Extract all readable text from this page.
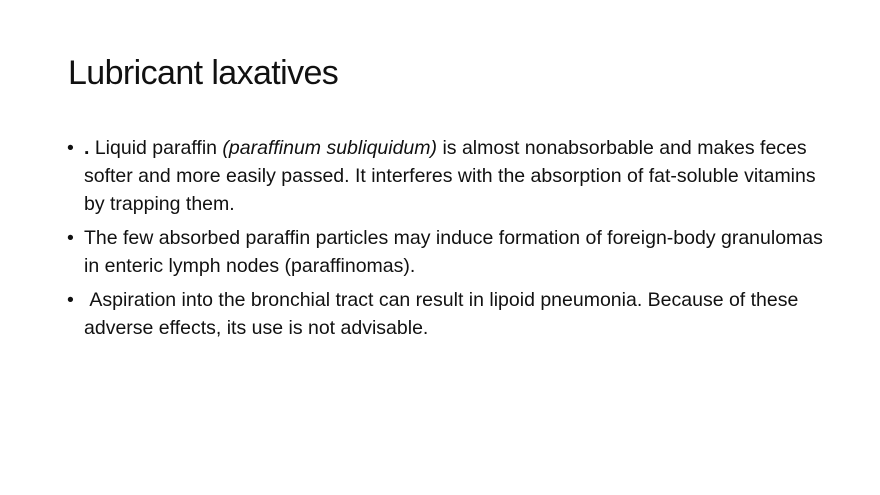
Lubricant laxatives
• . Liquid paraffin (paraffinum subliquidum) is almost nonabsorbable and makes feces softer and more easily passed. It interferes with the absorption of fat-soluble vitamins by trapping them.
• The few absorbed paraffin particles may induce formation of foreign-body granulomas in enteric lymph nodes (paraffinomas).
• Aspiration into the bronchial tract can result in lipoid pneumonia. Because of these adverse effects, its use is not advisable.
